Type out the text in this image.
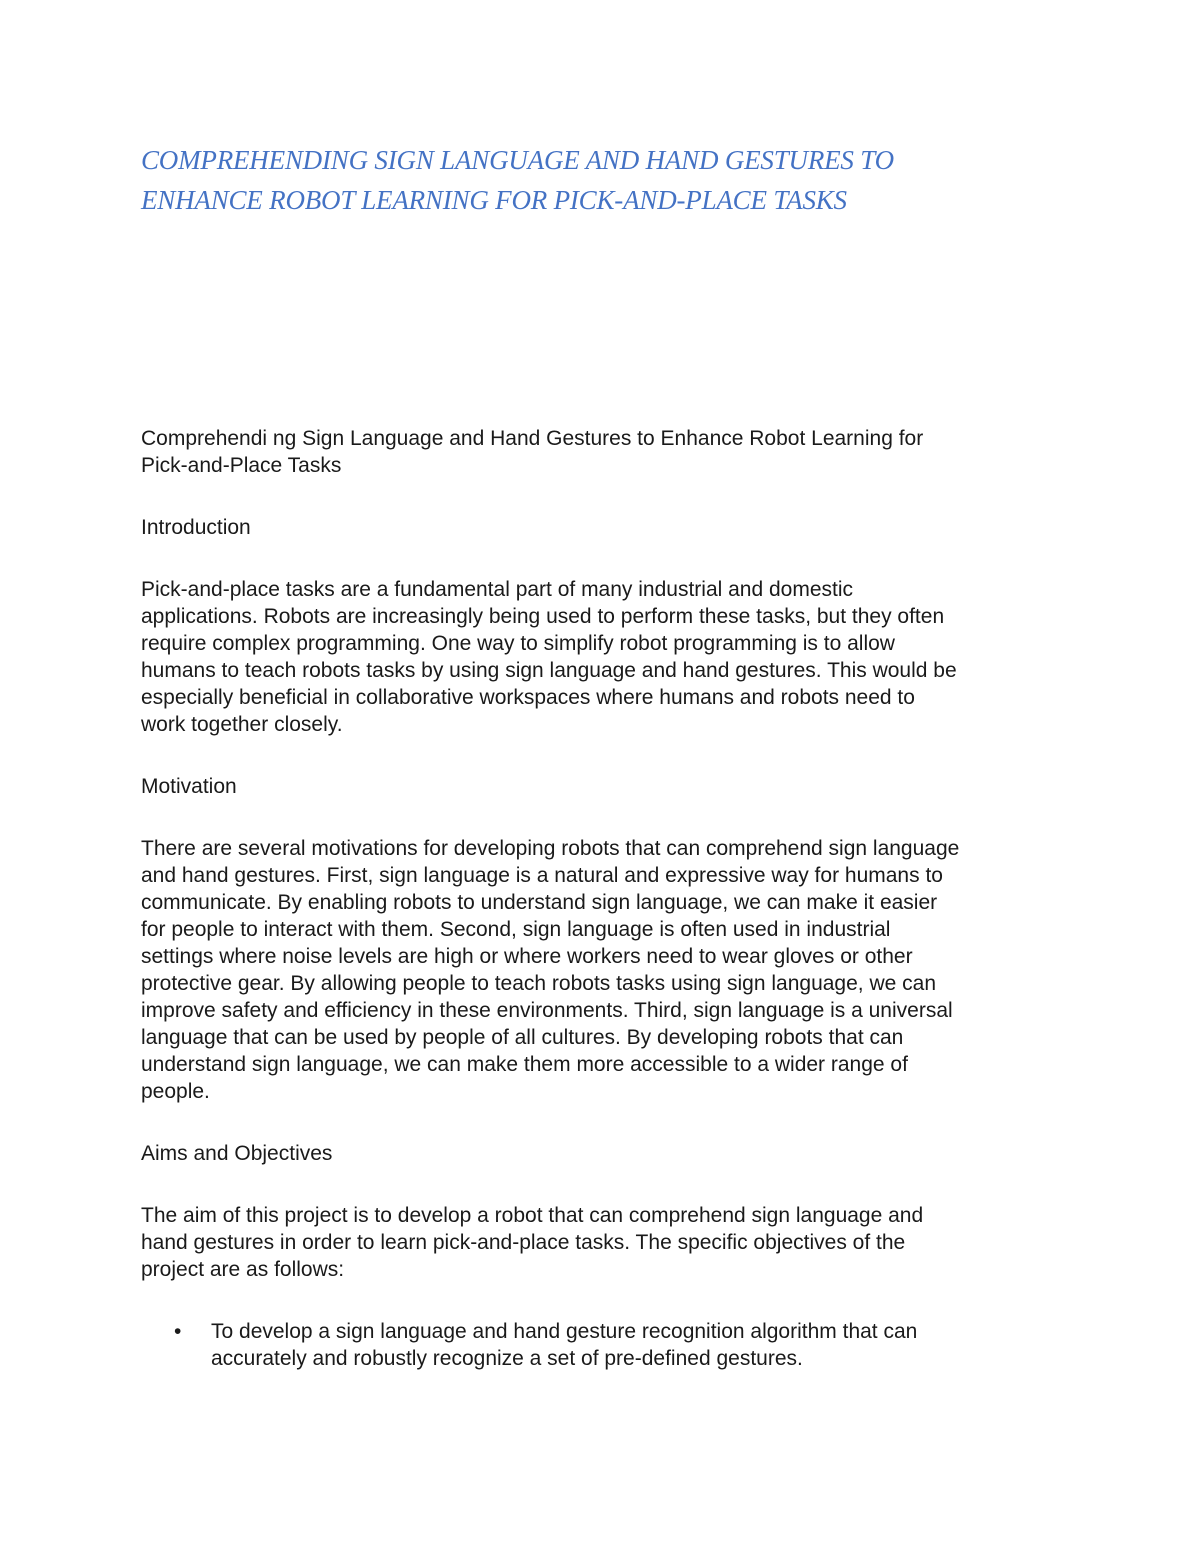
COMPREHENDING SIGN LANGUAGE AND HAND GESTURES TO
ENHANCE ROBOT LEARNING FOR PICK-AND-PLACE TASKS

Comprehendi ng Sign Language and Hand Gestures to Enhance Robot Learning for
Pick-and-Place Tasks

Introduction

Pick-and-place tasks are a fundamental part of many industrial and domestic
applications. Robots are increasingly being used to perform these tasks, but they often
require complex programming. One way to simplify robot programming is to allow
humans to teach robots tasks by using sign language and hand gestures. This would be
especially beneficial in collaborative workspaces where humans and robots need to
work together closely.

Motivation

There are several motivations for developing robots that can comprehend sign language
and hand gestures. First, sign language is a natural and expressive way for humans to
communicate. By enabling robots to understand sign language, we can make it easier
for people to interact with them. Second, sign language is often used in industrial
settings where noise levels are high or where workers need to wear gloves or other
protective gear. By allowing people to teach robots tasks using sign language, we can
improve safety and efficiency in these environments. Third, sign language is a universal
language that can be used by people of all cultures. By developing robots that can
understand sign language, we can make them more accessible to a wider range of
people.

Aims and Objectives

The aim of this project is to develop a robot that can comprehend sign language and
hand gestures in order to learn pick-and-place tasks. The specific objectives of the
project are as follows:

• To develop a sign language and hand gesture recognition algorithm that can
accurately and robustly recognize a set of pre-defined gestures.
